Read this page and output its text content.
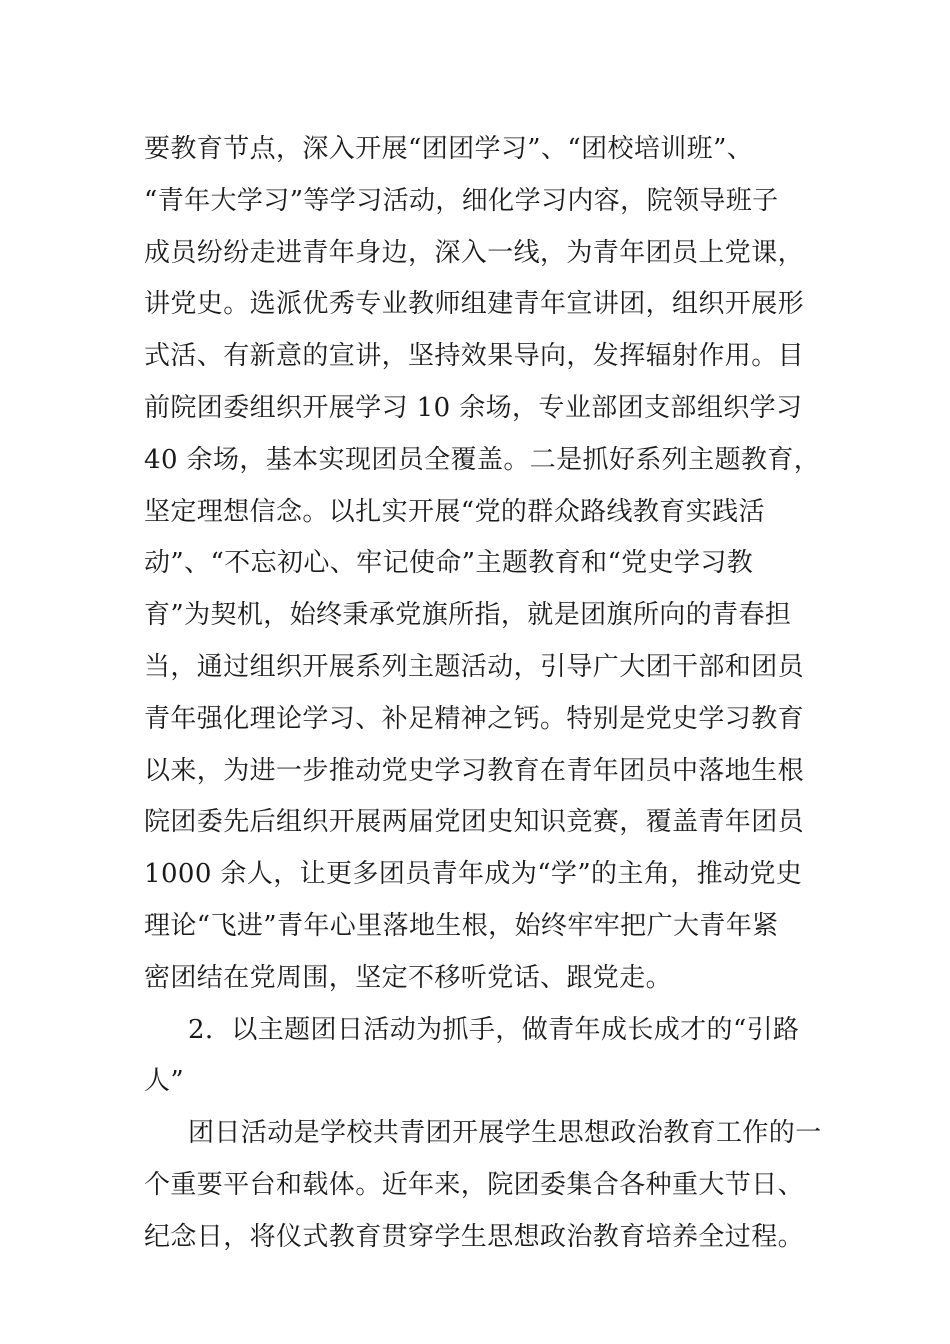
要教育节点，深入开展“团团学习”、“团校培训班”、
“青年大学习”等学习活动，细化学习内容，院领导班子
成员纷纷走进青年身边，深入一线，为青年团员上党课，
讲党史。选派优秀专业教师组建青年宣讲团，组织开展形
式活、有新意的宣讲，坚持效果导向，发挥辐射作用。目
前院团委组织开展学习 10 余场，专业部团支部组织学习
40 余场，基本实现团员全覆盖。二是抓好系列主题教育，
坚定理想信念。以扎实开展“党的群众路线教育实践活
动”、“不忘初心、牢记使命”主题教育和“党史学习教
育”为契机，始终秉承党旗所指，就是团旗所向的青春担
当，通过组织开展系列主题活动，引导广大团干部和团员
青年强化理论学习、补足精神之钙。特别是党史学习教育
以来，为进一步推动党史学习教育在青年团员中落地生根
院团委先后组织开展两届党团史知识竞赛，覆盖青年团员
1000 余人，让更多团员青年成为“学”的主角，推动党史
理论“飞进”青年心里落地生根，始终牢牢把广大青年紧
密团结在党周围，坚定不移听党话、跟党走。
2．以主题团日活动为抓手，做青年成长成才的“引路
人”
团日活动是学校共青团开展学生思想政治教育工作的一
个重要平台和载体。近年来，院团委集合各种重大节日、
纪念日，将仪式教育贯穿学生思想政治教育培养全过程。
